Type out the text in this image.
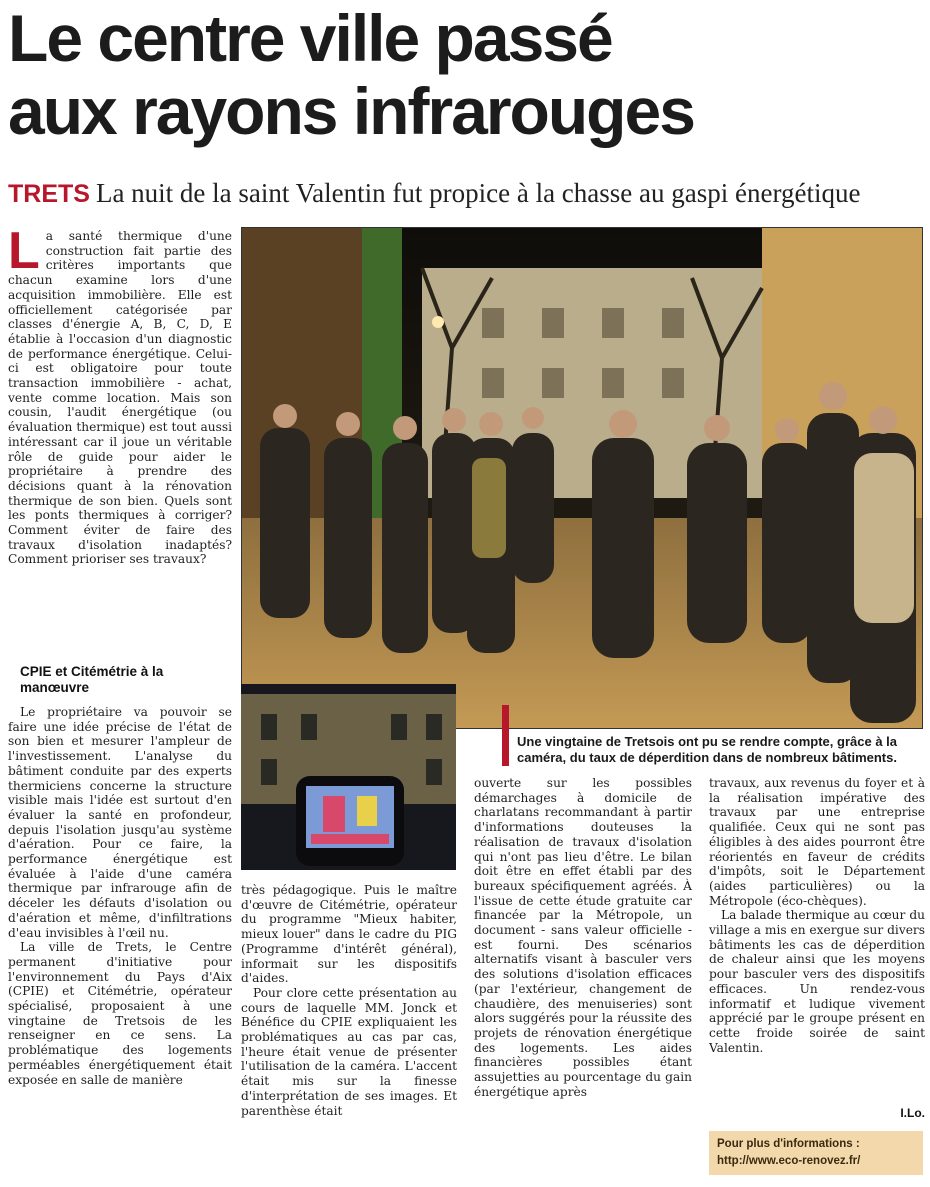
Le centre ville passé
aux rayons infrarouges
TRETS La nuit de la saint Valentin fut propice à la chasse au gaspi énergétique
L a santé thermique d'une construction fait partie des critères importants que chacun examine lors d'une acquisition immobilière. Elle est officiellement catégorisée par classes d'énergie A, B, C, D, E établie à l'occasion d'un diagnostic de performance énergétique. Celui-ci est obligatoire pour toute transaction immobilière - achat, vente comme location. Mais son cousin, l'audit énergétique (ou évaluation thermique) est tout aussi intéressant car il joue un véritable rôle de guide pour aider le propriétaire à prendre des décisions quant à la rénovation thermique de son bien. Quels sont les ponts thermiques à corriger? Comment éviter de faire des travaux d'isolation inadaptés? Comment prioriser ses travaux?

CPIE et Citémétrie à la manœuvre

Le propriétaire va pouvoir se faire une idée précise de l'état de son bien et mesurer l'ampleur de l'investissement. L'analyse du bâtiment conduite par des experts thermiciens concerne la structure visible mais l'idée est surtout d'en évaluer la santé en profondeur, depuis l'isolation jusqu'au système d'aération. Pour ce faire, la performance énergétique est évaluée à l'aide d'une caméra thermique par infrarouge afin de déceler les défauts d'isolation ou d'aération et même, d'infiltrations d'eau invisibles à l'œil nu.

La ville de Trets, le Centre permanent d'initiative pour l'environnement du Pays d'Aix (CPIE) et Citémétrie, opérateur spécialisé, proposaient à une vingtaine de Tretsois de les renseigner en ce sens. La problématique des logements perméables énergétiquement était exposée en salle de manière

Une vingtaine de Tretsois ont pu se rendre compte, grâce à la caméra, du taux de déperdition dans de nombreux bâtiments.

très pédagogique. Puis le maître d'œuvre de Citémétrie, opérateur du programme "Mieux habiter, mieux louer" dans le cadre du PIG (Programme d'intérêt général), informait sur les dispositifs d'aides.

Pour clore cette présentation au cours de laquelle MM. Jonck et Bénéfice du CPIE expliquaient les problématiques au cas par cas, l'heure était venue de présenter l'utilisation de la caméra. L'accent était mis sur la finesse d'interprétation de ses images. Et parenthèse était

ouverte sur les possibles démarchages à domicile de charlatans recommandant à partir d'informations douteuses la réalisation de travaux d'isolation qui n'ont pas lieu d'être. Le bilan doit être en effet établi par des bureaux spécifiquement agréés. À l'issue de cette étude gratuite car financée par la Métropole, un document - sans valeur officielle - est fourni. Des scénarios alternatifs visant à basculer vers des solutions d'isolation efficaces (par l'extérieur, changement de chaudière, des menuiseries) sont alors suggérés pour la réussite des projets de rénovation énergétique des logements. Les aides financières possibles étant assujetties au pourcentage du gain énergétique après

travaux, aux revenus du foyer et à la réalisation impérative des travaux par une entreprise qualifiée. Ceux qui ne sont pas éligibles à des aides pourront être réorientés en faveur de crédits d'impôts, soit le Département (aides particulières) ou la Métropole (éco-chèques).

La balade thermique au cœur du village a mis en exergue sur divers bâtiments les cas de déperdition de chaleur ainsi que les moyens pour basculer vers des dispositifs efficaces. Un rendez-vous informatif et ludique vivement apprécié par le groupe présent en cette froide soirée de saint Valentin.

I.Lo.
Pour plus d'informations :
http://www.eco-renovez.fr/
